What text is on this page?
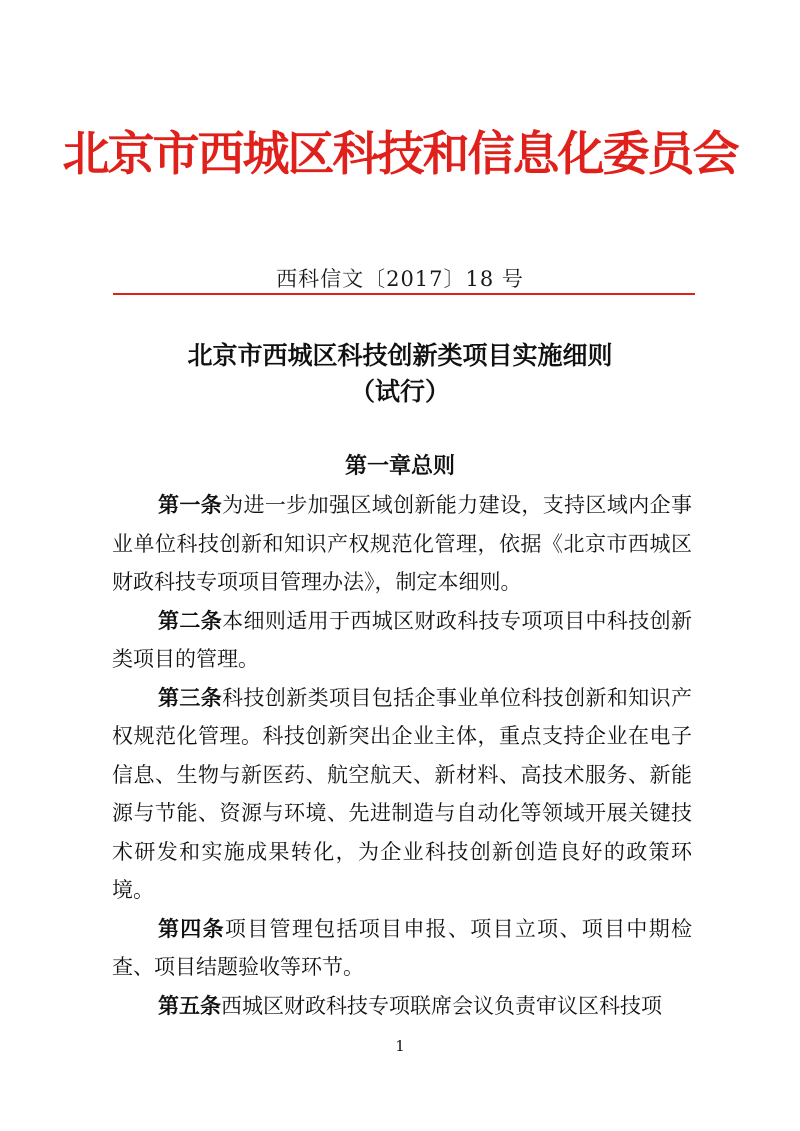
北京市西城区科技和信息化委员会
西科信文〔2017〕18 号
北京市西城区科技创新类项目实施细则
（试行）
第一章总则

第一条为进一步加强区域创新能力建设，支持区域内企事业单位科技创新和知识产权规范化管理，依据《北京市西城区财政科技专项项目管理办法》，制定本细则。

第二条本细则适用于西城区财政科技专项项目中科技创新类项目的管理。

第三条科技创新类项目包括企事业单位科技创新和知识产权规范化管理。科技创新突出企业主体，重点支持企业在电子信息、生物与新医药、航空航天、新材料、高技术服务、新能源与节能、资源与环境、先进制造与自动化等领域开展关键技术研发和实施成果转化，为企业科技创新创造良好的政策环境。

第四条项目管理包括项目申报、项目立项、项目中期检查、项目结题验收等环节。

第五条西城区财政科技专项联席会议负责审议区科技项

1
